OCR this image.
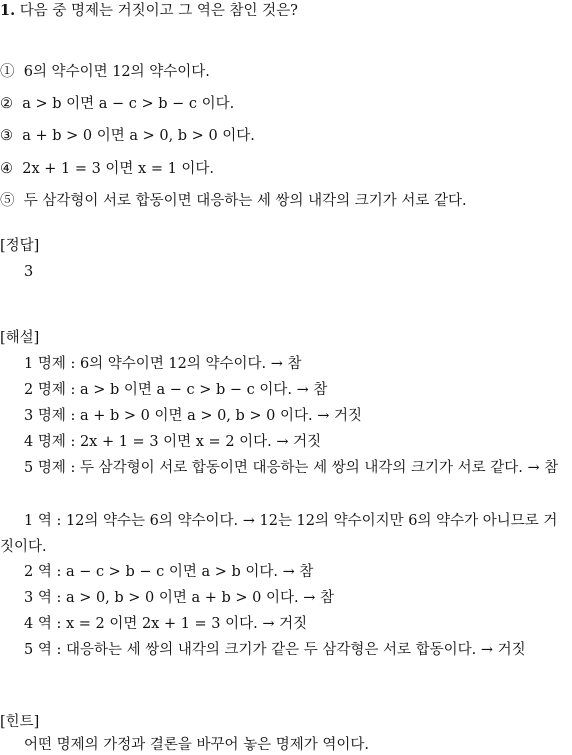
1. 다음 중 명제는 거짓이고 그 역은 참인 것은?
① 6의 약수이면 12의 약수이다.
② a > b 이면 a − c > b − c 이다.
③ a + b > 0 이면 a > 0, b > 0 이다.
④ 2x + 1 = 3 이면 x = 1 이다.
⑤ 두 삼각형이 서로 합동이면 대응하는 세 쌍의 내각의 크기가 서로 같다.
[정답]
3
[해설]
1 명제 : 6의 약수이면 12의 약수이다. → 참
2 명제 : a > b 이면 a − c > b − c 이다. → 참
3 명제 : a + b > 0 이면 a > 0, b > 0 이다. → 거짓
4 명제 : 2x + 1 = 3 이면 x = 2 이다. → 거짓
5 명제 : 두 삼각형이 서로 합동이면 대응하는 세 쌍의 내각의 크기가 서로 같다. → 참
1 역 : 12의 약수는 6의 약수이다. → 12는 12의 약수이지만 6의 약수가 아니므로 거짓이다.
2 역 : a − c > b − c 이면 a > b 이다. → 참
3 역 : a > 0, b > 0 이면 a + b > 0 이다. → 참
4 역 : x = 2 이면 2x + 1 = 3 이다. → 거짓
5 역 : 대응하는 세 쌍의 내각의 크기가 같은 두 삼각형은 서로 합동이다. → 거짓
[힌트]
어떤 명제의 가정과 결론을 바꾸어 놓은 명제가 역이다.
